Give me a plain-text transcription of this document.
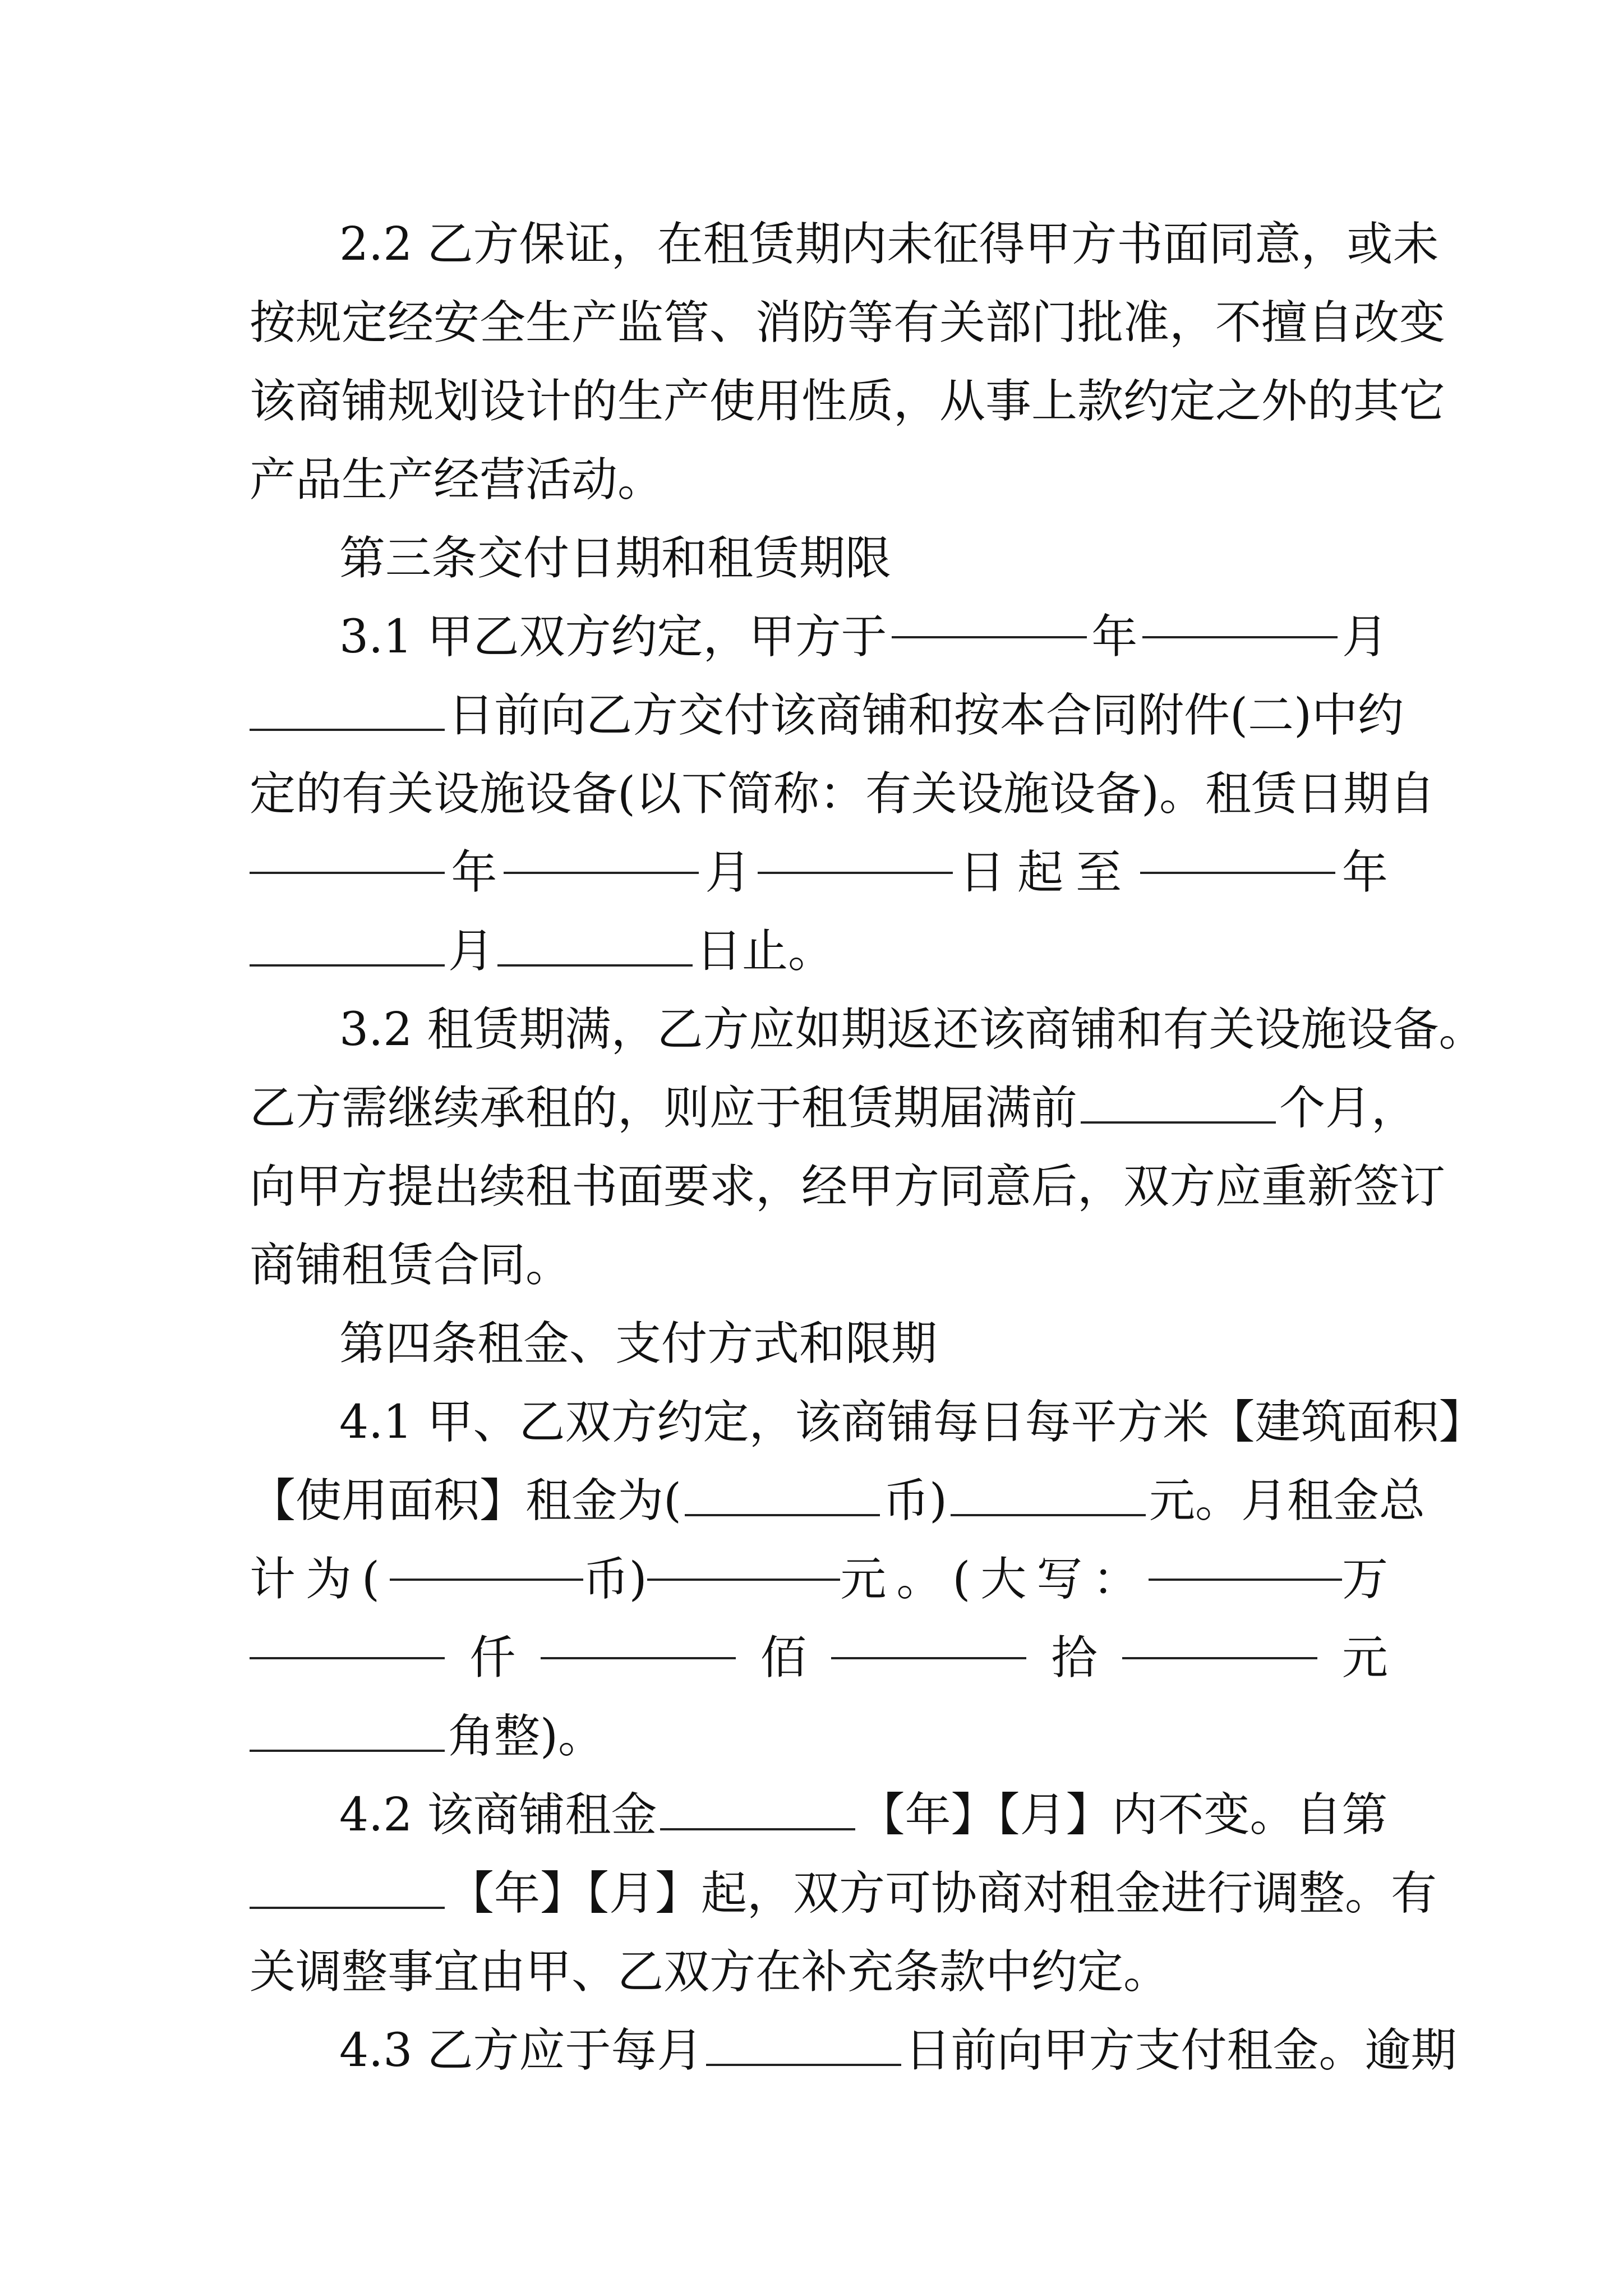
2.2 乙方保证，在租赁期内未征得甲方书面同意，或未
按规定经安全生产监管、消防等有关部门批准，不擅自改变
该商铺规划设计的生产使用性质，从事上款约定之外的其它
产品生产经营活动。
第三条交付日期和租赁期限
3.1 甲乙双方约定，甲方于	年	月
日前向乙方交付该商铺和按本合同附件(二)中约
定的有关设施设备(以下简称：有关设施设备)。租赁日期自
年	月	日起至	年
月	日止。
3.2 租赁期满，乙方应如期返还该商铺和有关设施设备。
乙方需继续承租的，则应于租赁期届满前	个月，
向甲方提出续租书面要求，经甲方同意后，双方应重新签订
商铺租赁合同。
第四条租金、支付方式和限期
4.1 甲、乙双方约定，该商铺每日每平方米【建筑面积】
【使用面积】租金为(	币)	元。月租金总
计为(	币)	元。(大写：	万
仟	佰	拾	元
角整)。
4.2 该商铺租金	【年】【月】内不变。自第
【年】【月】起，双方可协商对租金进行调整。有
关调整事宜由甲、乙双方在补充条款中约定。
4.3 乙方应于每月	日前向甲方支付租金。逾期
